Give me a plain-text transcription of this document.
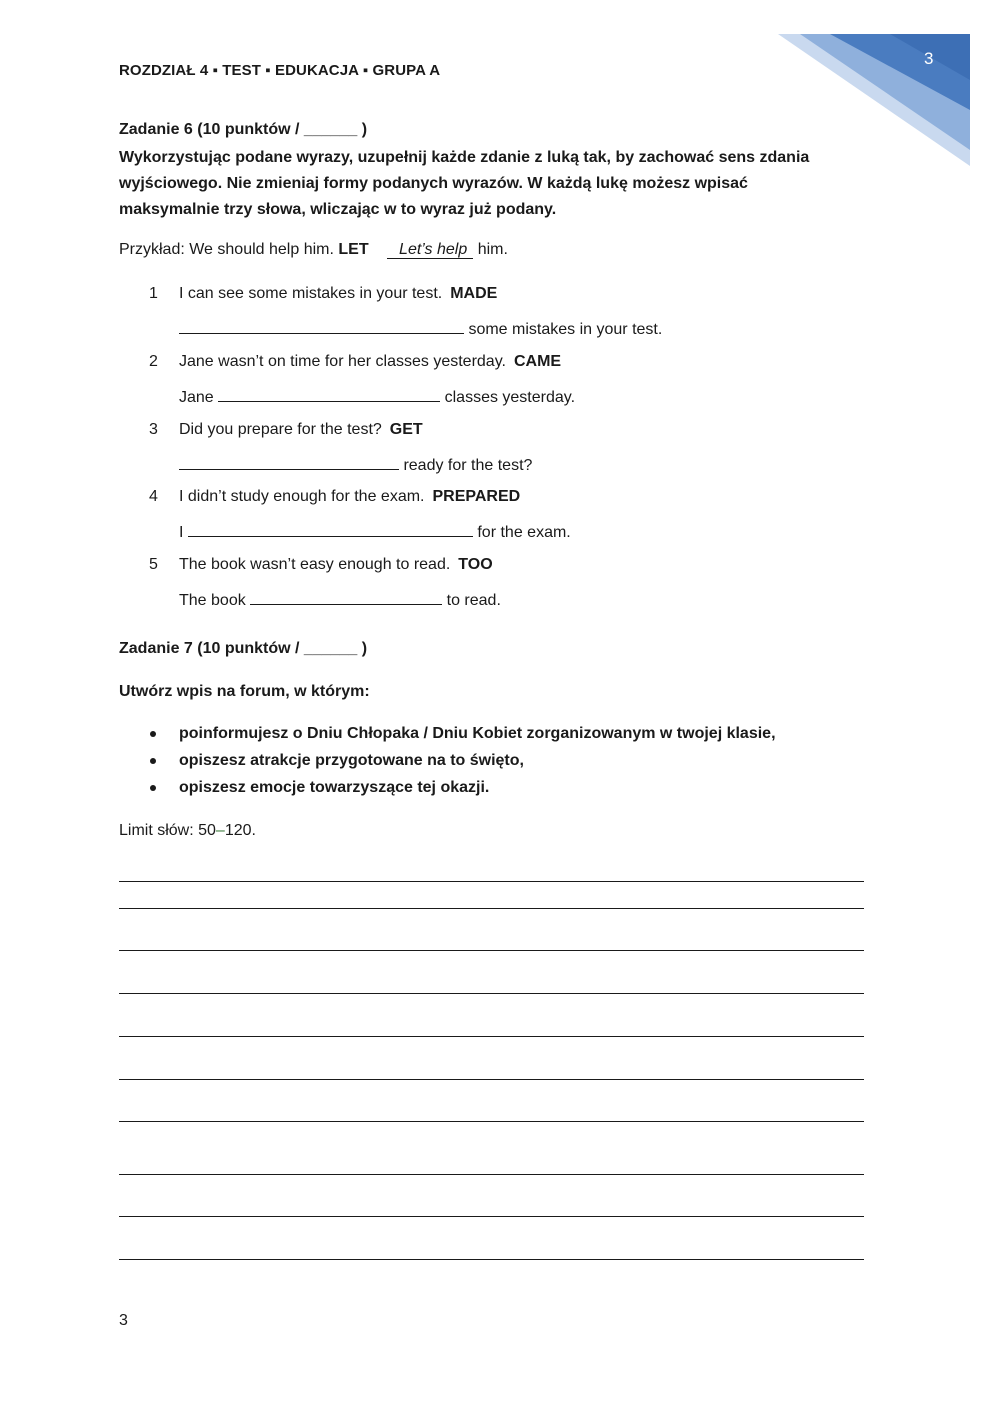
3
ROZDZIAŁ 4 ▪ TEST ▪ EDUKACJA ▪ GRUPA A
Zadanie 6 (10 punktów / ______ )
Wykorzystując podane wyrazy, uzupełnij każde zdanie z luką tak, by zachować sens zdania wyjściowego. Nie zmieniaj formy podanych wyrazów. W każdą lukę możesz wpisać maksymalnie trzy słowa, wliczając w to wyraz już podany.
Przykład: We should help him. LET Let’s help him.
1 I can see some mistakes in your test. MADE
some mistakes in your test.
2 Jane wasn’t on time for her classes yesterday. CAME
Jane	classes yesterday.
3 Did you prepare for the test? GET
ready for the test?
4 I didn’t study enough for the exam. PREPARED
I	for the exam.
5 The book wasn’t easy enough to read. TOO
The book	to read.
Zadanie 7 (10 punktów / ______ )
Utwórz wpis na forum, w którym:
poinformujesz o Dniu Chłopaka / Dniu Kobiet zorganizowanym w twojej klasie,
opiszesz atrakcje przygotowane na to święto,
opiszesz emocje towarzyszące tej okazji.
Limit słów: 50–120.
3
